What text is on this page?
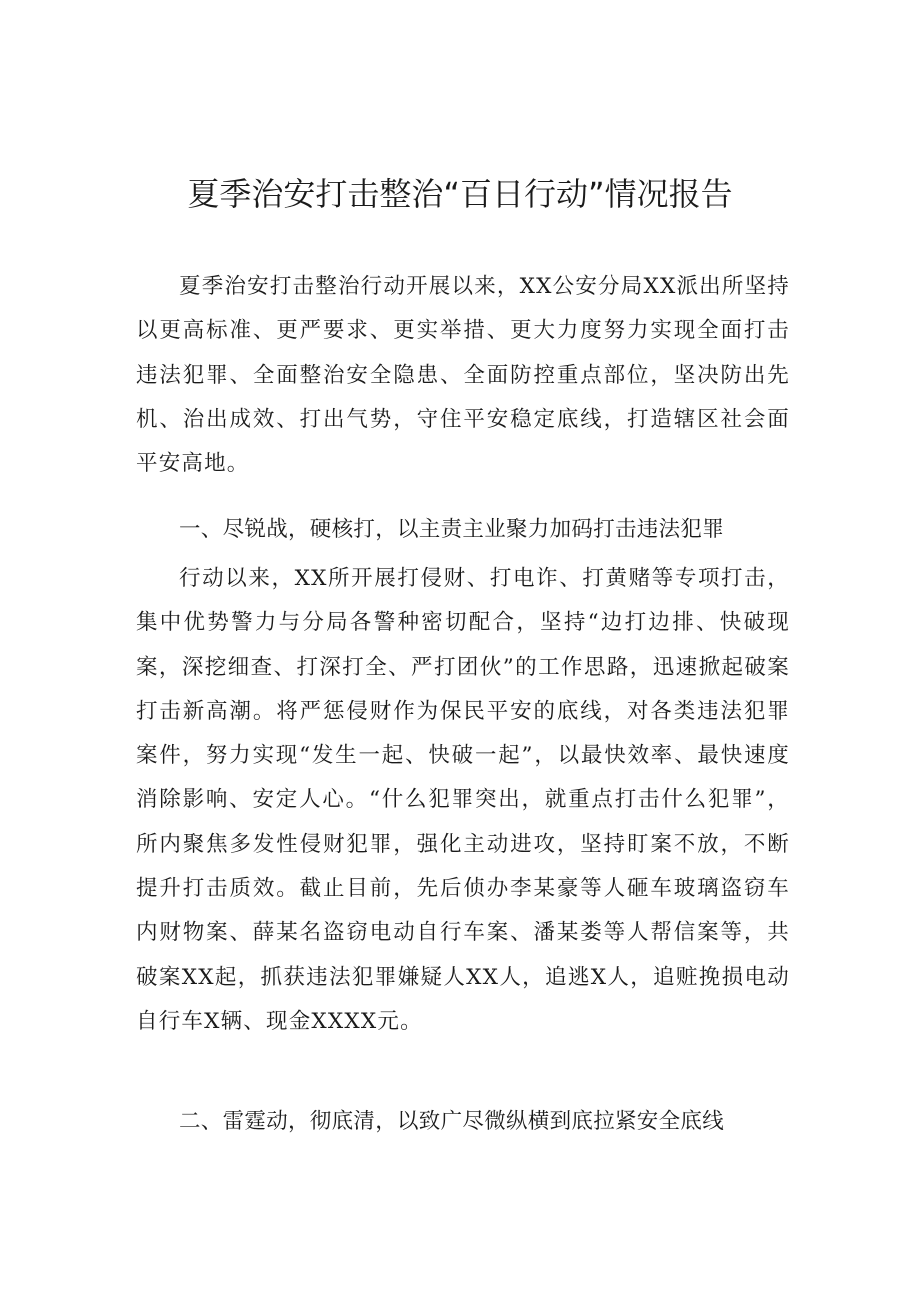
夏季治安打击整治“百日行动”情况报告

夏季治安打击整治行动开展以来，XX公安分局XX派出所坚持以更高标准、更严要求、更实举措、更大力度努力实现全面打击违法犯罪、全面整治安全隐患、全面防控重点部位，坚决防出先机、治出成效、打出气势，守住平安稳定底线，打造辖区社会面平安高地。

一、尽锐战，硬核打，以主责主业聚力加码打击违法犯罪

行动以来，XX所开展打侵财、打电诈、打黄赌等专项打击，集中优势警力与分局各警种密切配合，坚持“边打边排、快破现案，深挖细查、打深打全、严打团伙”的工作思路，迅速掀起破案打击新高潮。将严惩侵财作为保民平安的底线，对各类违法犯罪案件，努力实现“发生一起、快破一起”，以最快效率、最快速度消除影响、安定人心。“什么犯罪突出，就重点打击什么犯罪”，所内聚焦多发性侵财犯罪，强化主动进攻，坚持盯案不放，不断提升打击质效。截止目前，先后侦办李某豪等人砸车玻璃盗窃车内财物案、薛某名盗窃电动自行车案、潘某娄等人帮信案等，共破案XX起，抓获违法犯罪嫌疑人XX人，追逃X人，追赃挽损电动自行车X辆、现金XXXX元。

二、雷霆动，彻底清，以致广尽微纵横到底拉紧安全底线
